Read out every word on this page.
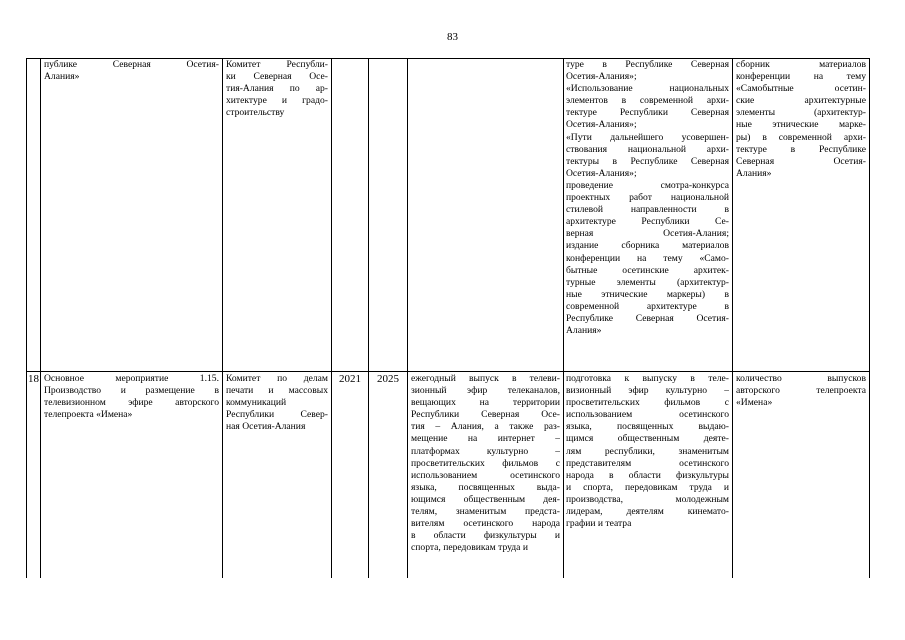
83
публике Северная Осетия-
Алания»
Комитет Республи-
ки Северная Осе-
тия-Алания по ар-
хитектуре и градо-
строительству
туре в Республике Северная
Осетия-Алания»;
«Использование национальных
элементов в современной архи-
тектуре Республики Северная
Осетия-Алания»;
«Пути дальнейшего усовершен-
ствования национальной архи-
тектуры в Республике Северная
Осетия-Алания»;
проведение смотра-конкурса
проектных работ национальной
стилевой направленности в
архитектуре Республики Се-
верная Осетия-Алания;
издание сборника материалов
конференции на тему «Само-
бытные осетинские архитек-
турные элементы (архитектур-
ные этнические маркеры) в
современной архитектуре в
Республике Северная Осетия-
Алания»
сборник материалов
конференции на тему
«Самобытные осетин-
ские архитектурные
элементы (архитектур-
ные этнические марке-
ры) в современной архи-
тектуре в Республике
Северная Осетия-
Алания»
18 Основное мероприятие 1.15.
Производство и размещение в
телевизионном эфире авторского
телепроекта «Имена»
Комитет по делам
печати и массовых
коммуникаций
Республики Север-
ная Осетия-Алания
2021	2025	ежегодный выпуск в телеви-
зионный эфир телеканалов,
вещающих на территории
Республики Северная Осе-
тия – Алания, а также раз-
мещение на интернет –
платформах культурно –
просветительских фильмов с
использованием осетинского
языка, посвященных выда-
ющимся общественным дея-
телям, знаменитым предста-
вителям осетинского народа
в области физкультуры и
спорта, передовикам труда и
подготовка к выпуску в теле-
визионный эфир культурно –
просветительских фильмов с
использованием осетинского
языка, посвященных выдаю-
щимся общественным деяте-
лям республики, знаменитым
представителям осетинского
народа в области физкультуры
и спорта, передовикам труда и
производства, молодежным
лидерам, деятелям кинемато-
графии и театра
количество выпусков
авторского телепроекта
«Имена»
